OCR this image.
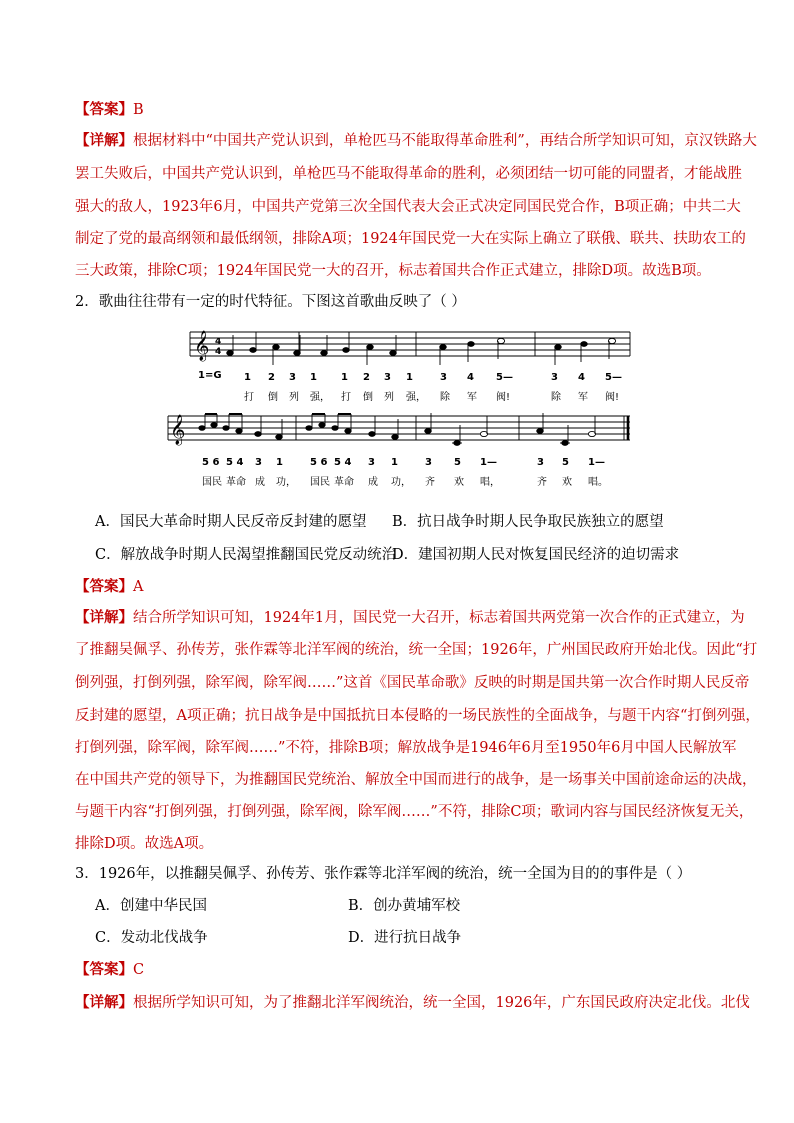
【答案】B
【详解】根据材料中“中国共产党认识到，单枪匹马不能取得革命胜利”，再结合所学知识可知，京汉铁路大
罢工失败后，中国共产党认识到，单枪匹马不能取得革命的胜利，必须团结一切可能的同盟者，才能战胜
强大的敌人，1923年6月，中国共产党第三次全国代表大会正式决定同国民党合作，B项正确；中共二大
制定了党的最高纲领和最低纲领，排除A项；1924年国民党一大在实际上确立了联俄、联共、扶助农工的
三大政策，排除C项；1924年国民党一大的召开，标志着国共合作正式建立，排除D项。故选B项。
2．歌曲往往带有一定的时代特征。下图这首歌曲反映了（ ）
𝄞 4
4
1=G 1 2 3 1 1 2 3 1	3 4 5—	3 4 5—
打 倒 列 强， 打 倒 列 强， 除 军 阀!	除 军 阀!
𝄞
5 6 5 4 3 1	5 6 5 4 3 1	3 5 1—	3 5 1—
国民 革命 成 功， 国民 革命 成 功， 齐 欢 唱，	齐 欢 唱。
A．国民大革命时期人民反帝反封建的愿望 B．抗日战争时期人民争取民族独立的愿望
C．解放战争时期人民渴望推翻国民党反动统治
D．建国初期人民对恢复国民经济的迫切需求
【答案】A
【详解】结合所学知识可知，1924年1月，国民党一大召开，标志着国共两党第一次合作的正式建立，为
了推翻吴佩孚、孙传芳，张作霖等北洋军阀的统治，统一全国；1926年，广州国民政府开始北伐。因此“打
倒列强，打倒列强，除军阀，除军阀……”这首《国民革命歌》反映的时期是国共第一次合作时期人民反帝
反封建的愿望，A项正确；抗日战争是中国抵抗日本侵略的一场民族性的全面战争，与题干内容“打倒列强，
打倒列强，除军阀，除军阀……”不符，排除B项；解放战争是1946年6月至1950年6月中国人民解放军
在中国共产党的领导下，为推翻国民党统治、解放全中国而进行的战争，是一场事关中国前途命运的决战，
与题干内容“打倒列强，打倒列强，除军阀，除军阀……”不符，排除C项；歌词内容与国民经济恢复无关，
排除D项。故选A项。
3．1926年，以推翻吴佩孚、孙传芳、张作霖等北洋军阀的统治，统一全国为目的的事件是（ ）
A．创建中华民国	B．创办黄埔军校
C．发动北伐战争	D．进行抗日战争
【答案】C
【详解】根据所学知识可知，为了推翻北洋军阀统治，统一全国，1926年，广东国民政府决定北伐。北伐
